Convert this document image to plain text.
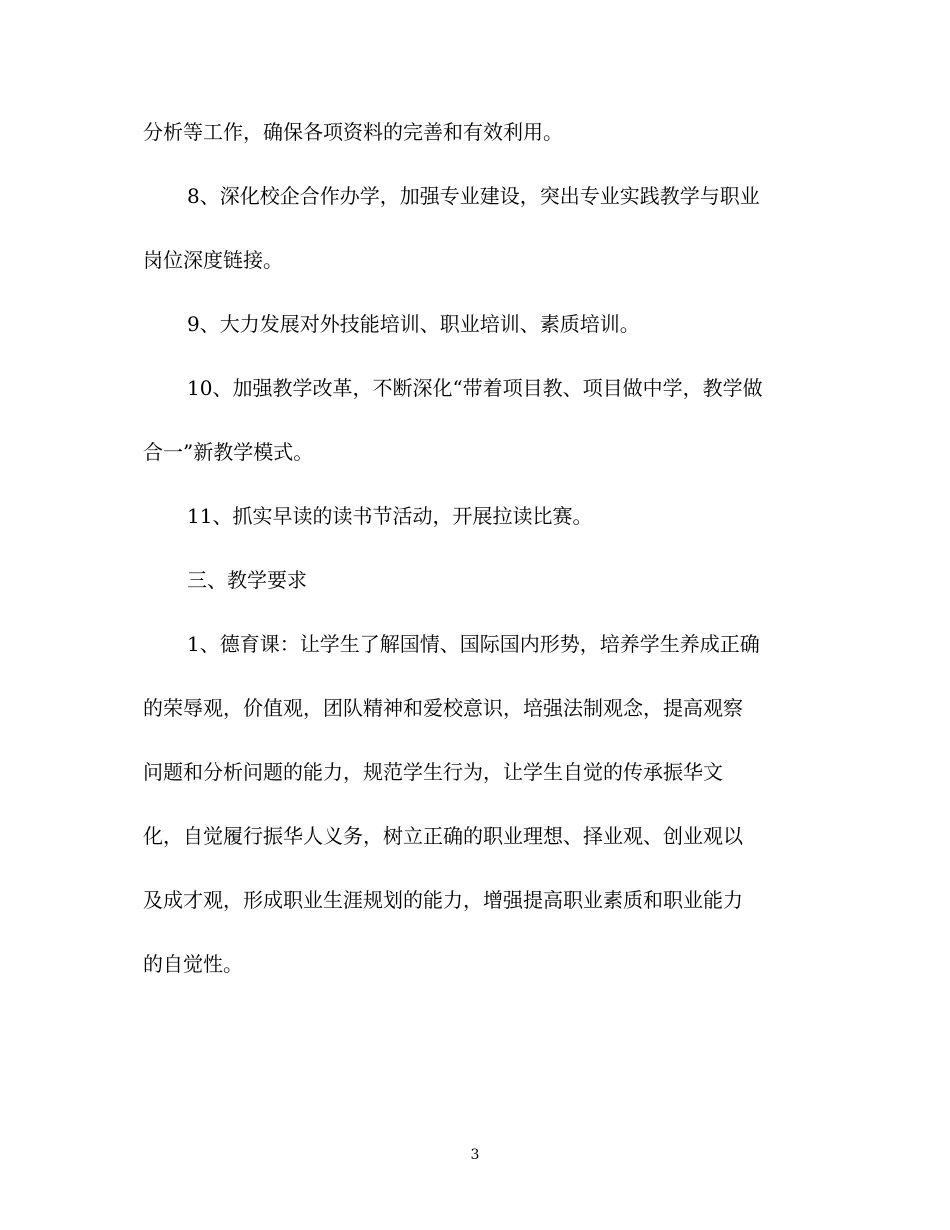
分析等工作，确保各项资料的完善和有效利用。
8、深化校企合作办学，加强专业建设，突出专业实践教学与职业
岗位深度链接。
9、大力发展对外技能培训、职业培训、素质培训。
10、加强教学改革，不断深化“带着项目教、项目做中学，教学做
合一”新教学模式。
11、抓实早读的读书节活动，开展拉读比赛。
三、教学要求
1、德育课：让学生了解国情、国际国内形势，培养学生养成正确
的荣辱观，价值观，团队精神和爱校意识，培强法制观念，提高观察
问题和分析问题的能力，规范学生行为，让学生自觉的传承振华文
化，自觉履行振华人义务，树立正确的职业理想、择业观、创业观以
及成才观，形成职业生涯规划的能力，增强提高职业素质和职业能力
的自觉性。
3
